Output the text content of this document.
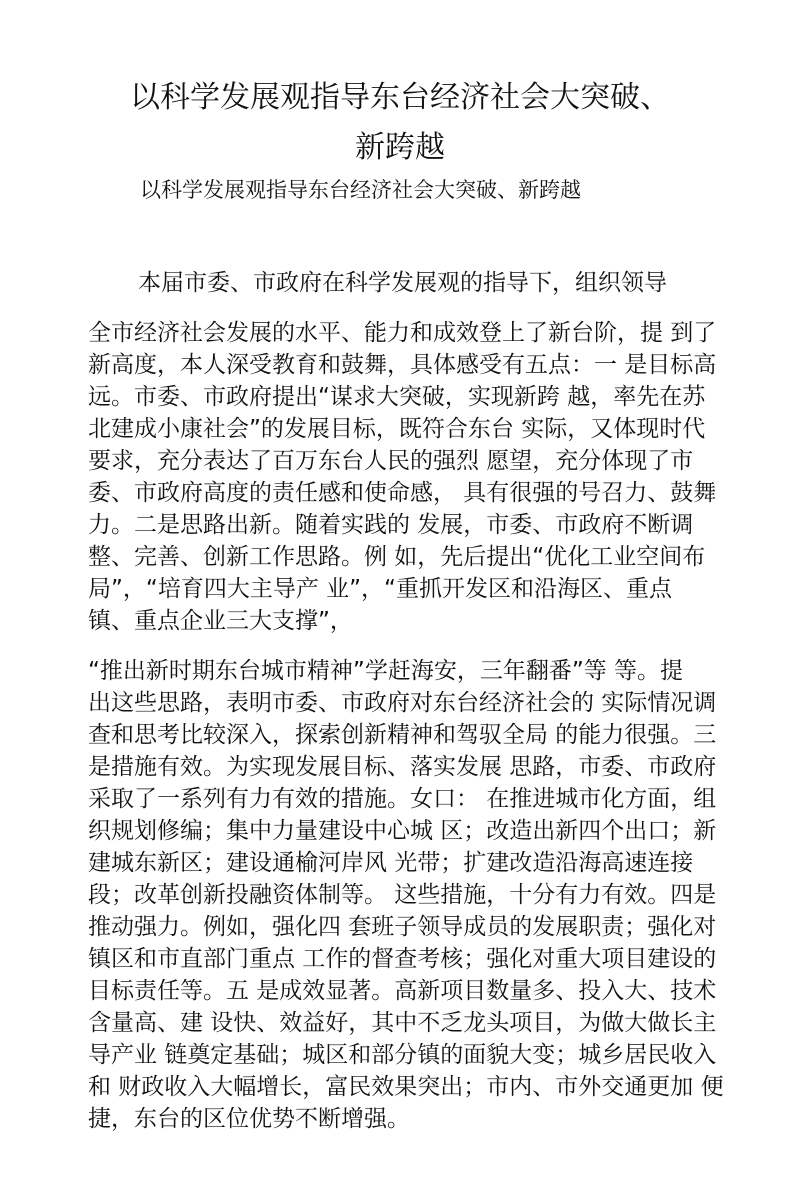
以科学发展观指导东台经济社会大突破、
新跨越

以科学发展观指导东台经济社会大突破、新跨越

本届市委、市政府在科学发展观的指导下，组织领导

全市经济社会发展的水平、能力和成效登上了新台阶，提 到了

新高度，本人深受教育和鼓舞，具体感受有五点：一 是目标高

远。市委、市政府提出“谋求大突破，实现新跨 越，率先在苏

北建成小康社会”的发展目标，既符合东台 实际，又体现时代

要求，充分表达了百万东台人民的强烈 愿望，充分体现了市

委、市政府高度的责任感和使命感， 具有很强的号召力、鼓舞

力。二是思路出新。随着实践的 发展，市委、市政府不断调

整、完善、创新工作思路。例 如，先后提出“优化工业空间布

局”，“培育四大主导产 业”，“重抓开发区和沿海区、重点

镇、重点企业三大支撑”，

“推出新时期东台城市精神”学赶海安，三年翻番”等 等。提

出这些思路，表明市委、市政府对东台经济社会的 实际情况调

查和思考比较深入，探索创新精神和驾驭全局 的能力很强。三

是措施有效。为实现发展目标、落实发展 思路，市委、市政府

采取了一系列有力有效的措施。女口： 在推进城市化方面，组

织规划修编；集中力量建设中心城 区；改造出新四个出口；新

建城东新区；建设通榆河岸风 光带；扩建改造沿海高速连接

段；改革创新投融资体制等。 这些措施，十分有力有效。四是

推动强力。例如，强化四 套班子领导成员的发展职责；强化对

镇区和市直部门重点 工作的督查考核；强化对重大项目建设的

目标责任等。五 是成效显著。高新项目数量多、投入大、技术

含量高、建 设快、效益好，其中不乏龙头项目，为做大做长主

导产业 链奠定基础；城区和部分镇的面貌大变；城乡居民收入

和 财政收入大幅增长，富民效果突出；市内、市外交通更加 便

捷，东台的区位优势不断增强。
